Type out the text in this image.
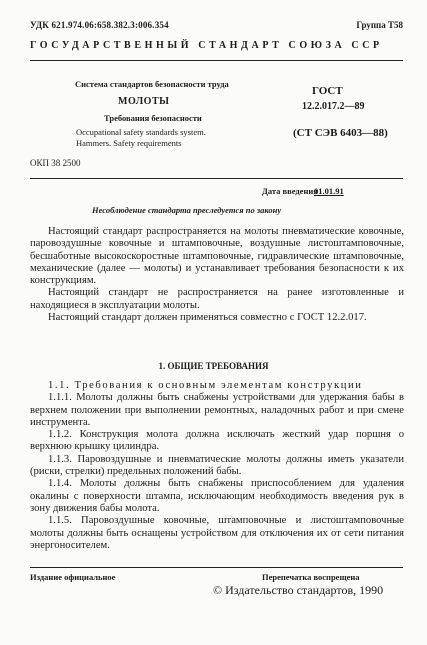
УДК 621.974.06:658.382.3:006.354	Группа Т58
ГОСУДАРСТВЕННЫЙ СТАНДАРТ СОЮЗА ССР
Система стандартов безопасности труда
МОЛОТЫ
Требования безопасности
Occupational safety standards system.
Hammers. Safety requirements
ГОСТ
12.2.017.2—89
(СТ СЭВ 6403—88)
ОКП 38 2500
Дата введения
01.01.91
Несоблюдение стандарта преследуется по закону

Настоящий стандарт распространяется на молоты пневматические ковочные, паровоздушные ковочные и штамповочные, воздушные листоштамповочные, бесшаботные высокоскоростные штамповочные, гидравлические штамповочные, механические (далее — молоты) и устанавливает требования безопасности к их конструкциям.

Настоящий стандарт не распространяется на ранее изготовленные и находящиеся в эксплуатации молоты.

Настоящий стандарт должен применяться совместно с ГОСТ 12.2.017.

1. ОБЩИЕ ТРЕБОВАНИЯ

1.1. Требования к основным элементам конструкции

1.1.1. Молоты должны быть снабжены устройствами для удержания бабы в верхнем положении при выполнении ремонтных, наладочных работ и при смене инструмента.

1.1.2. Конструкция молота должна исключать жесткий удар поршня о верхнюю крышку цилиндра.

1.1.3. Паровоздушные и пневматические молоты должны иметь указатели (риски, стрелки) предельных положений бабы.

1.1.4. Молоты должны быть снабжены приспособлением для удаления окалины с поверхности штампа, исключающим необходимость введения рук в зону движения бабы молота.

1.1.5. Паровоздушные ковочные, штамповочные и листоштамповочные молоты должны быть оснащены устройством для отключения их от сети питания энергоносителем.

Издание официальное	Перепечатка воспрещена
© Издательство стандартов, 1990
